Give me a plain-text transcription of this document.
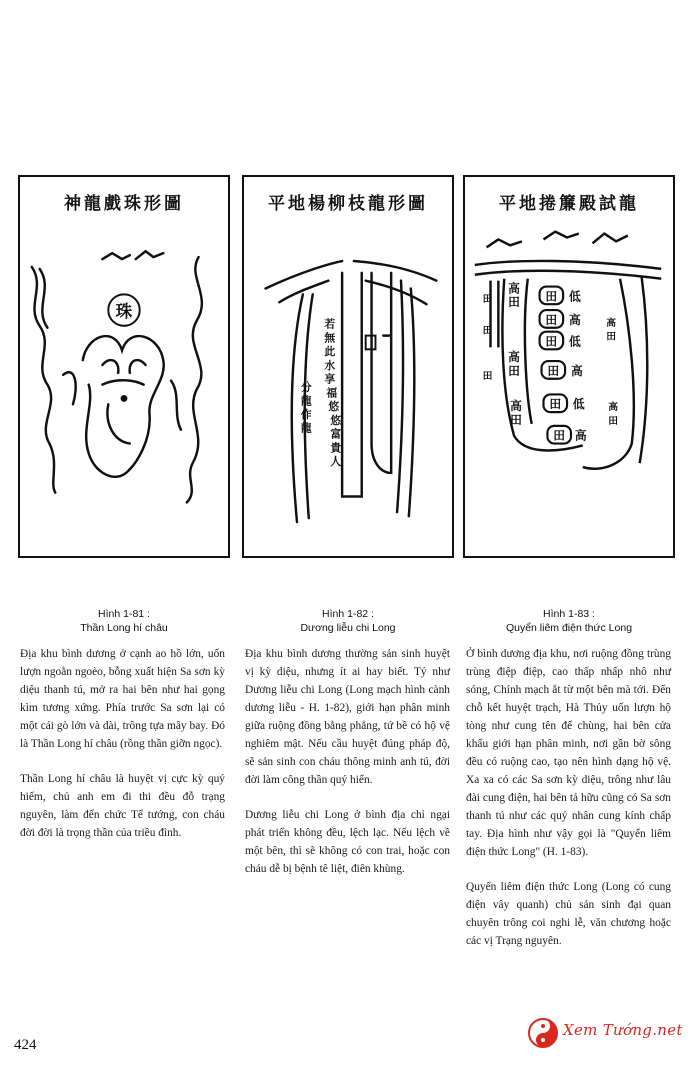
神龍戲珠形圖
珠
Hình 1-81 :
Thần Long hí châu
平地楊柳枝龍形圖
若無此水享福悠悠富貴人
分龍作龍
Hình 1-82 :
Dương liễu chi Long
平地捲簾殿試龍
田
田
田
田
田
田
低
高
低
高
低
高
高
田
高
田
高
田
田
田
田
高
田
高
田
Hình 1-83 :
Quyển liêm điện thức Long

Địa khu bình dương ở cạnh ao hồ lớn, uốn lượn ngoằn ngoèo, bỗng xuất hiện Sa sơn kỳ diệu thanh tú, mở ra hai bên như hai gọng kìm tương xứng. Phía trước Sa sơn lại có một cái gò lớn và dài, trông tựa mây bay. Đó là Thần Long hí châu (rồng thần giỡn ngọc).

Thần Long hí châu là huyệt vị cực kỳ quý hiếm, chủ anh em đi thi đều đỗ trạng nguyên, làm đến chức Tể tướng, con cháu đời đời là trọng thần của triều đình.

Địa khu bình dương thường sản sinh huyệt vị kỳ diệu, nhưng ít ai hay biết. Tỷ như Dương liễu chi Long (Long mạch hình cành dương liễu - H. 1-82), giới hạn phân minh giữa ruộng đồng bằng phẳng, tứ bề có hộ vệ nghiêm mật. Nếu cầu huyệt đúng pháp độ, sẽ sản sinh con cháu thông minh anh tú, đời đời làm công thần quý hiển.

Dương liễu chi Long ở bình địa chỉ ngại phát triển không đều, lệch lạc. Nếu lệch về một bên, thì sẽ không có con trai, hoặc con cháu dễ bị bệnh tê liệt, điên khùng.

Ở bình dương địa khu, nơi ruộng đồng trùng trùng điệp điệp, cao thấp nhấp nhô như sóng, Chính mạch ắt từ một bên mà tới. Đến chỗ kết huyệt trạch, Hà Thủy uốn lượn hộ tòng như cung tên để chùng, hai bên cửa khẩu giới hạn phân minh, nơi gần bờ sông đều có ruộng cao, tạo nên hình dạng hộ vệ. Xa xa có các Sa sơn kỳ diệu, trông như lâu đài cung điện, hai bên tả hữu cũng có Sa sơn thanh tú như các quý nhân cung kính chấp tay. Địa hình như vậy gọi là "Quyển liêm điện thức Long" (H. 1-83).

Quyển liêm điện thức Long (Long có cung điện vây quanh) chủ sản sinh đại quan chuyên trông coi nghi lễ, văn chương hoặc các vị Trạng nguyên.

424
Xem Tướng.net
